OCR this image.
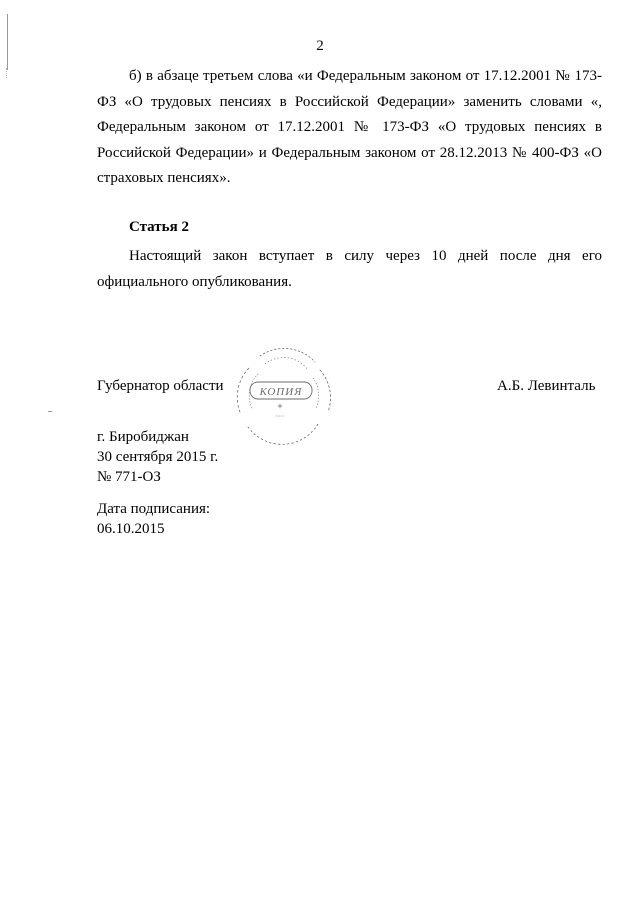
2

б) в абзаце третьем слова «и Федеральным законом от 17.12.2001 № 173-ФЗ «О трудовых пенсиях в Российской Федерации» заменить словами «, Федеральным законом от 17.12.2001 № 173-ФЗ «О трудовых пенсиях в Российской Федерации» и Федеральным законом от 28.12.2013 № 400-ФЗ «О страховых пенсиях».

Статья 2

Настоящий закон вступает в силу через 10 дней после дня его официального опубликования.

Губернатор области	КОПИЯ	А.Б. Левинталь

г. Биробиджан

30 сентября 2015 г.

№ 771-ОЗ

Дата подписания:

06.10.2015
